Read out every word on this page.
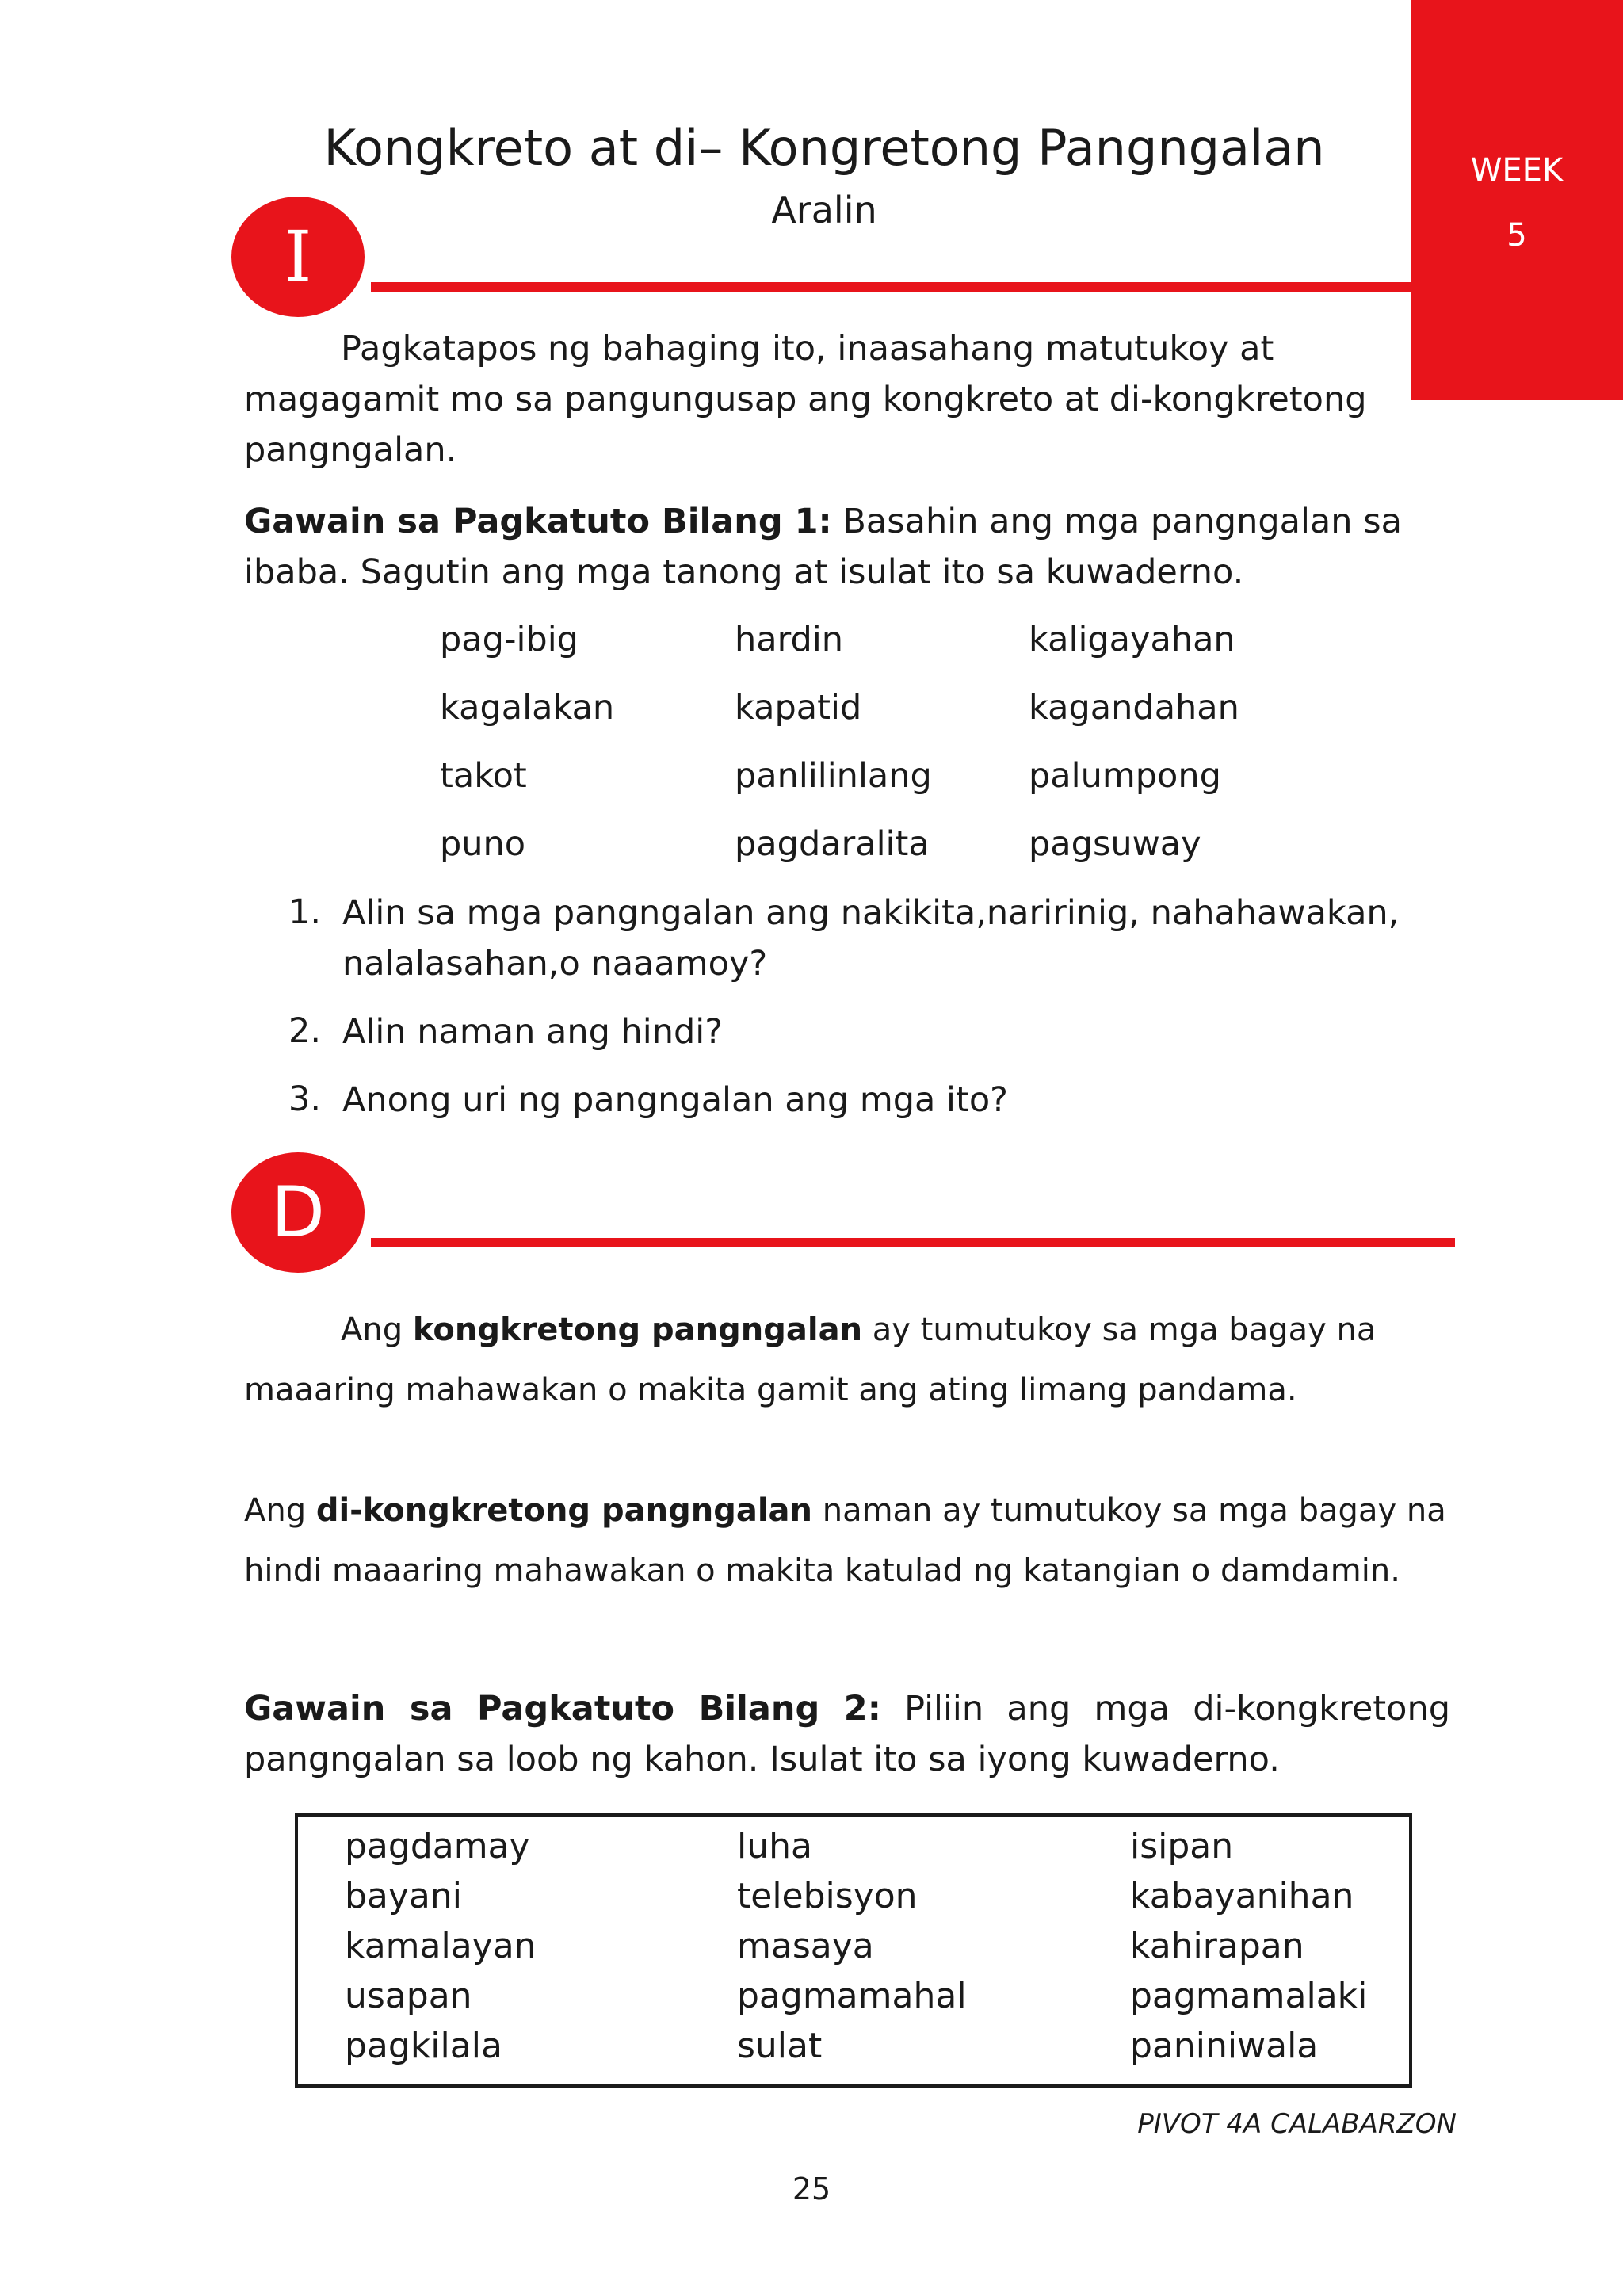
WEEK
5
Kongkreto at di– Kongretong Pangngalan
Aralin
I
Pagkatapos ng bahaging ito, inaasahang matutukoy at magagamit mo sa pangungusap ang kongkreto at di-kongkretong pangngalan.
Gawain sa Pagkatuto Bilang 1: Basahin ang mga pangngalan sa ibaba. Sagutin ang mga tanong at isulat ito sa kuwaderno.
pag-ibig	hardin	kaligayahan
kagalakan	kapatid	kagandahan
takot	panlilinlang	palumpong
puno	pagdaralita	pagsuway
1. Alin sa mga pangngalan ang nakikita,naririnig, nahahawakan, nalalasahan,o naaamoy?
2. Alin naman ang hindi?
3. Anong uri ng pangngalan ang mga ito?
D
Ang kongkretong pangngalan ay tumutukoy sa mga bagay na maaaring mahawakan o makita gamit ang ating limang pandama.
Ang di-kongkretong pangngalan naman ay tumutukoy sa mga bagay na hindi maaaring mahawakan o makita katulad ng katangian o damdamin.
Gawain sa Pagkatuto Bilang 2: Piliin ang mga di-kongkretong pangngalan sa loob ng kahon. Isulat ito sa iyong kuwaderno.
pagdamay	luha	isipan
bayani	telebisyon	kabayanihan
kamalayan	masaya	kahirapan
usapan	pagmamahal	pagmamalaki
pagkilala	sulat	paniniwala
PIVOT 4A CALABARZON
25
